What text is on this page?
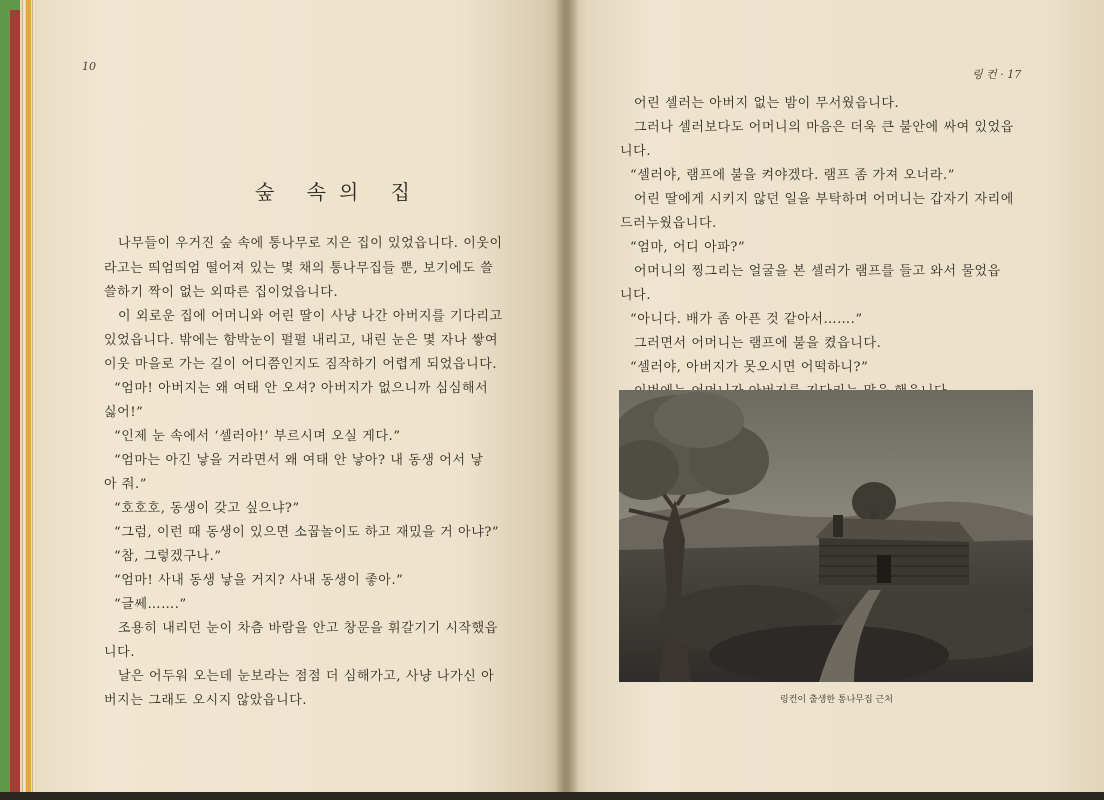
10
숲 속의 집
나무들이 우거진 숲 속에 통나무로 지은 집이 있었읍니다. 이웃이
라고는 띄엄띄엄 떨어져 있는 몇 채의 통나무집들 뿐, 보기에도 쓸
쓸하기 짝이 없는 외따른 집이었읍니다.
이 외로운 집에 어머니와 어린 딸이 사냥 나간 아버지를 기다리고
있었읍니다. 밖에는 함박눈이 펄펄 내리고, 내린 눈은 몇 자나 쌓여
이웃 마을로 가는 길이 어디쯤인지도 짐작하기 어렵게 되었읍니다.
“엄마! 아버지는 왜 여태 안 오셔? 아버지가 없으니까 심심해서
싫어!”
“인제 눈 속에서 ‘셀러아!’ 부르시며 오실 게다.”
“엄마는 아긴 낳을 거라면서 왜 여태 안 낳아? 내 동생 어서 낳
아 줘.”
“호호호, 동생이 갖고 싶으냐?”
“그럼, 이런 때 동생이 있으면 소꿉놀이도 하고 재밌을 거 아냐?”
“참, 그렇겠구나.”
“엄마! 사내 동생 낳을 거지? 사내 동생이 좋아.”
“글쎄…….”
조용히 내리던 눈이 차츰 바람을 안고 창문을 휘갈기기 시작했읍
니다.
날은 어두워 오는데 눈보라는 점점 더 심해가고, 사냥 나가신 아
버지는 그래도 오시지 않았읍니다.
링 컨 · 17
어린 셀러는 아버지 없는 밤이 무서웠읍니다.
그러나 셀러보다도 어머니의 마음은 더욱 큰 불안에 싸여 있었읍
니다.
“셀러야, 램프에 불을 켜야겠다. 램프 좀 가져 오너라.”
어린 딸에게 시키지 않던 일을 부탁하며 어머니는 갑자기 자리에
드러누웠읍니다.
“엄마, 어디 아파?”
어머니의 찡그리는 얼굴을 본 셀러가 램프를 들고 와서 물었읍
니다.
“아니다. 배가 좀 아픈 것 같아서…….”
그러면서 어머니는 램프에 불을 켰읍니다.
“셀러야, 아버지가 못오시면 어떡하니?”
링컨이 출생한 통나무집 근처
